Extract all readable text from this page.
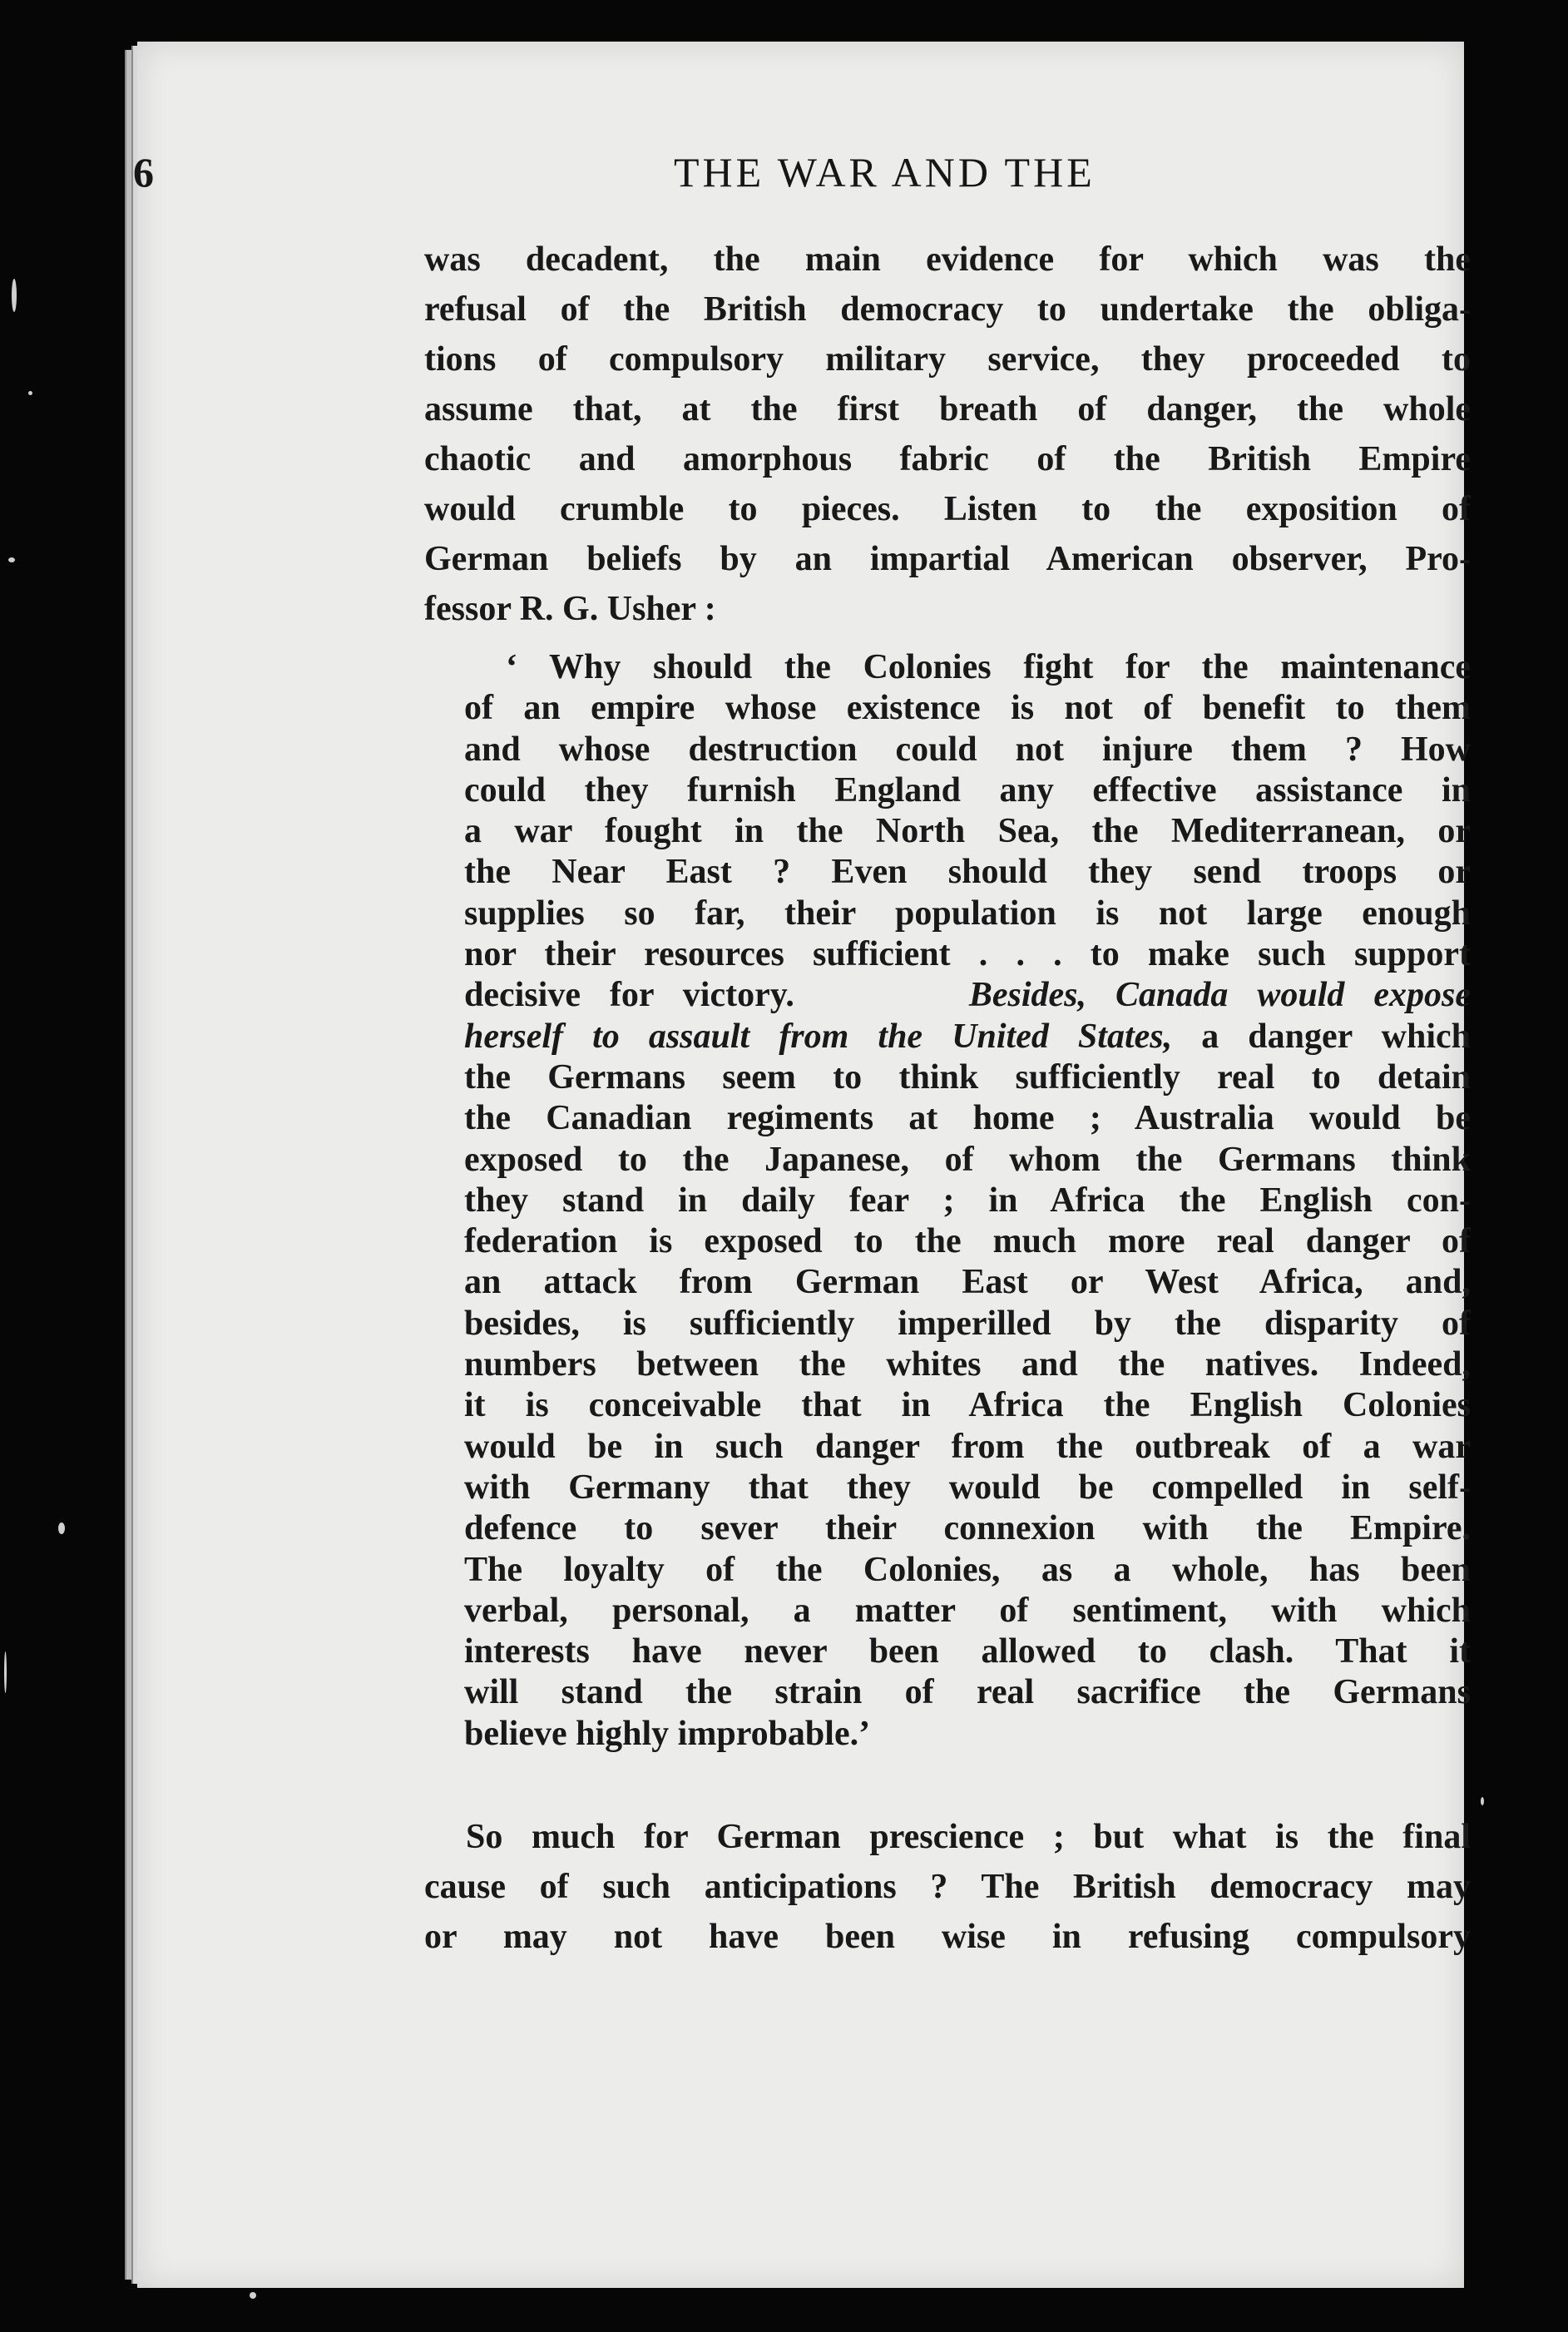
6	THE WAR AND THE
was decadent, the main evidence for which was the
refusal of the British democracy to undertake the obliga-
tions of compulsory military service, they proceeded to
assume that, at the first breath of danger, the whole
chaotic and amorphous fabric of the British Empire
would crumble to pieces. Listen to the exposition of
German beliefs by an impartial American observer, Pro-
fessor R. G. Usher :
‘ Why should the Colonies fight for the maintenance
of an empire whose existence is not of benefit to them
and whose destruction could not injure them ? How
could they furnish England any effective assistance in
a war fought in the North Sea, the Mediterranean, or
the Near East ? Even should they send troops or
supplies so far, their population is not large enough
nor their resources sufficient . . . to make such support
decisive for victory.	Besides, Canada would expose
herself to assault from the United States, a danger which
the Germans seem to think sufficiently real to detain
the Canadian regiments at home ; Australia would be
exposed to the Japanese, of whom the Germans think
they stand in daily fear ; in Africa the English con-
federation is exposed to the much more real danger of
an attack from German East or West Africa, and,
besides, is sufficiently imperilled by the disparity of
numbers between the whites and the natives. Indeed,
it is conceivable that in Africa the English Colonies
would be in such danger from the outbreak of a war
with Germany that they would be compelled in self-
defence to sever their connexion with the Empire.
The loyalty of the Colonies, as a whole, has been
verbal, personal, a matter of sentiment, with which
interests have never been allowed to clash. That it
will stand the strain of real sacrifice the Germans
believe highly improbable.’
So much for German prescience ; but what is the final
cause of such anticipations ? The British democracy may
or may not have been wise in refusing compulsory
